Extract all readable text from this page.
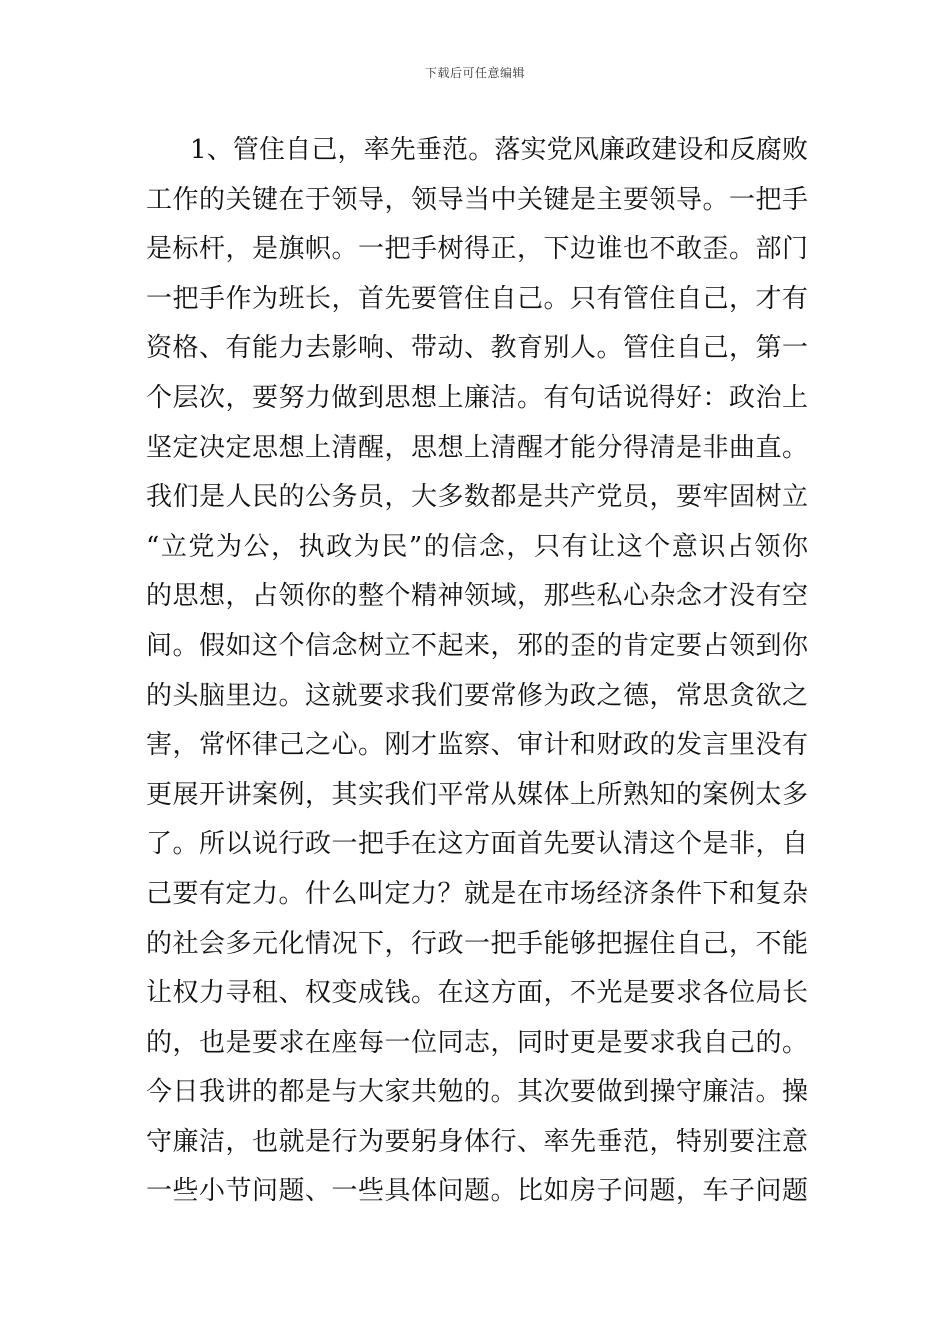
下载后可任意编辑
1、管住自己，率先垂范。落实党风廉政建设和反腐败
工作的关键在于领导，领导当中关键是主要领导。一把手
是标杆，是旗帜。一把手树得正，下边谁也不敢歪。部门
一把手作为班长，首先要管住自己。只有管住自己，才有
资格、有能力去影响、带动、教育别人。管住自己，第一
个层次，要努力做到思想上廉洁。有句话说得好：政治上
坚定决定思想上清醒，思想上清醒才能分得清是非曲直。
我们是人民的公务员，大多数都是共产党员，要牢固树立
“立党为公，执政为民”的信念，只有让这个意识占领你
的思想，占领你的整个精神领域，那些私心杂念才没有空
间。假如这个信念树立不起来，邪的歪的肯定要占领到你
的头脑里边。这就要求我们要常修为政之德，常思贪欲之
害，常怀律己之心。刚才监察、审计和财政的发言里没有
更展开讲案例，其实我们平常从媒体上所熟知的案例太多
了。所以说行政一把手在这方面首先要认清这个是非，自
己要有定力。什么叫定力？就是在市场经济条件下和复杂
的社会多元化情况下，行政一把手能够把握住自己，不能
让权力寻租、权变成钱。在这方面，不光是要求各位局长
的，也是要求在座每一位同志，同时更是要求我自己的。
今日我讲的都是与大家共勉的。其次要做到操守廉洁。操
守廉洁，也就是行为要躬身体行、率先垂范，特别要注意
一些小节问题、一些具体问题。比如房子问题，车子问题
